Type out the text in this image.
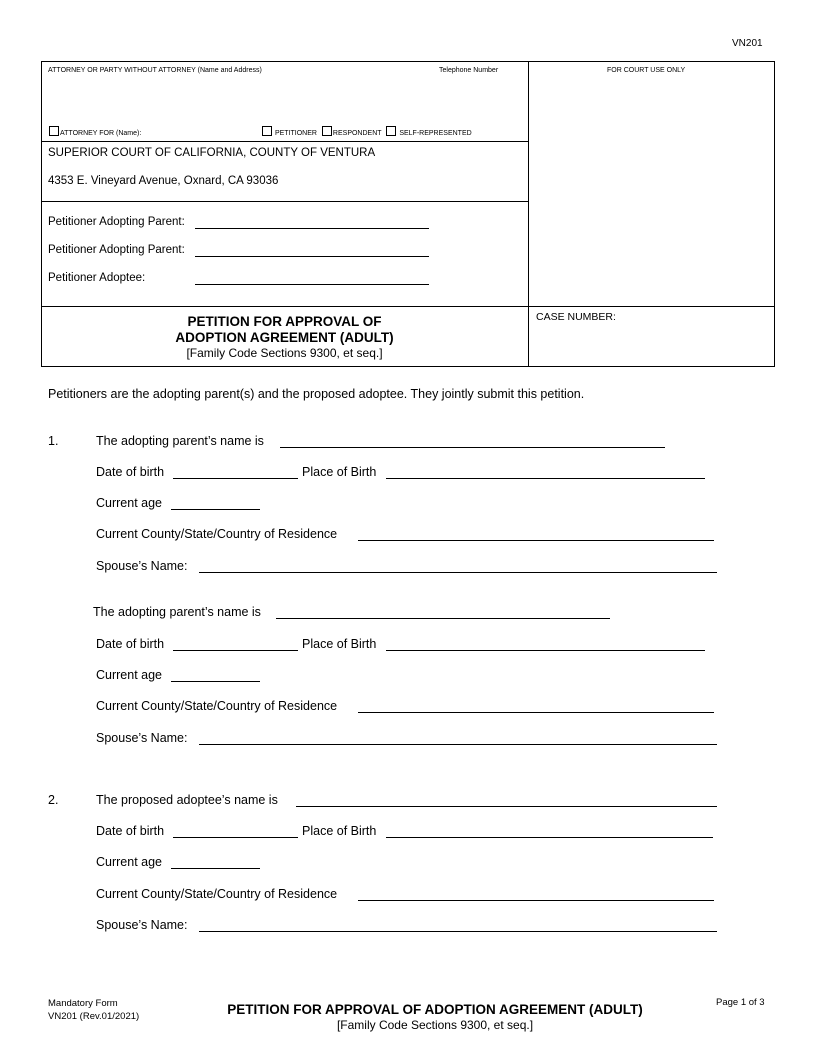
VN201
ATTORNEY OR PARTY WITHOUT ATTORNEY (Name and Address)	Telephone Number	FOR COURT USE ONLY
ATTORNEY FOR (Name):	PETITIONER RESPONDENT	SELF-REPRESENTED
SUPERIOR COURT OF CALIFORNIA, COUNTY OF VENTURA
4353 E. Vineyard Avenue, Oxnard, CA 93036
Petitioner Adopting Parent:
Petitioner Adopting Parent:
Petitioner Adoptee:
PETITION FOR APPROVAL OF
ADOPTION AGREEMENT (ADULT)
[Family Code Sections 9300, et seq.]
CASE NUMBER:
Petitioners are the adopting parent(s) and the proposed adoptee. They jointly submit this petition.
1.	The adopting parent’s name is
Date of birth	Place of Birth
Current age
Current County/State/Country of Residence
Spouse’s Name:
The adopting parent’s name is
Date of birth	Place of Birth
Current age
Current County/State/Country of Residence
Spouse’s Name:
2.	The proposed adoptee’s name is
Date of birth	Place of Birth
Current age
Current County/State/Country of Residence
Spouse’s Name:
Mandatory Form
VN201 (Rev.01/2021)	PETITION FOR APPROVAL OF ADOPTION AGREEMENT (ADULT)
[Family Code Sections 9300, et seq.]
Page 1 of 3
